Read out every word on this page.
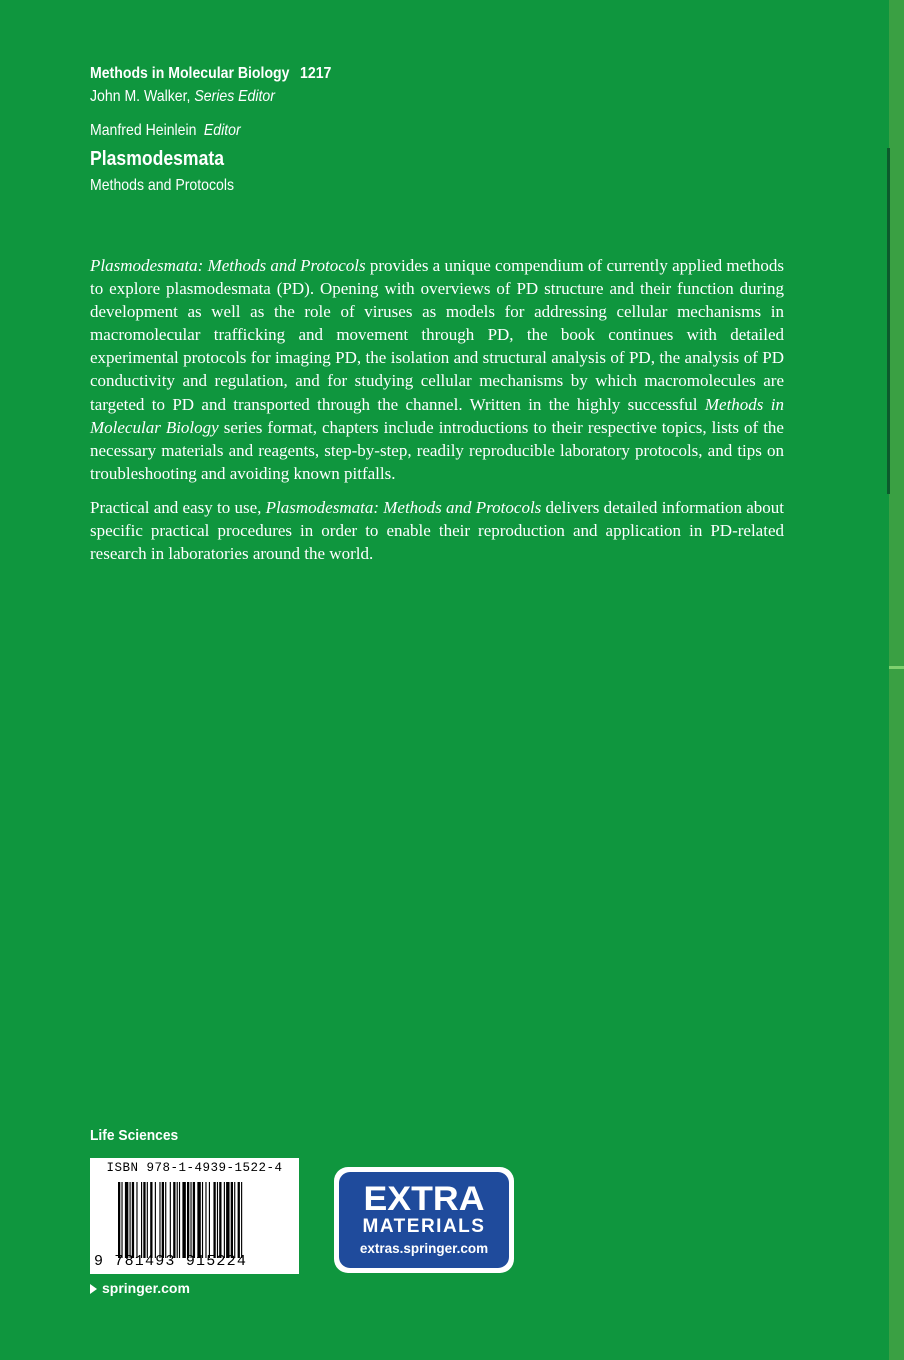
Methods in Molecular Biology 1217
John M. Walker, Series Editor
Manfred Heinlein Editor
Plasmodesmata
Methods and Protocols

Plasmodesmata: Methods and Protocols provides a unique compendium of currently applied methods to explore plasmodesmata (PD). Opening with overviews of PD structure and their function during development as well as the role of viruses as models for addressing cellular mechanisms in macromolecular trafficking and movement through PD, the book continues with detailed experimental protocols for imaging PD, the isolation and structural analysis of PD, the analysis of PD conductivity and regulation, and for studying cellular mechanisms by which macromolecules are targeted to PD and transported through the channel. Written in the highly successful Methods in Molecular Biology series format, chapters include introductions to their respective topics, lists of the necessary materials and reagents, step-by-step, readily reproducible laboratory protocols, and tips on troubleshooting and avoiding known pitfalls.

Practical and easy to use, Plasmodesmata: Methods and Protocols delivers detailed information about specific practical procedures in order to enable their reproduction and application in PD-related research in laboratories around the world.

Life Sciences
ISBN 978-1-4939-1522-4
9 781493 915224
EXTRA
MATERIALS
extras.springer.com
springer.com
